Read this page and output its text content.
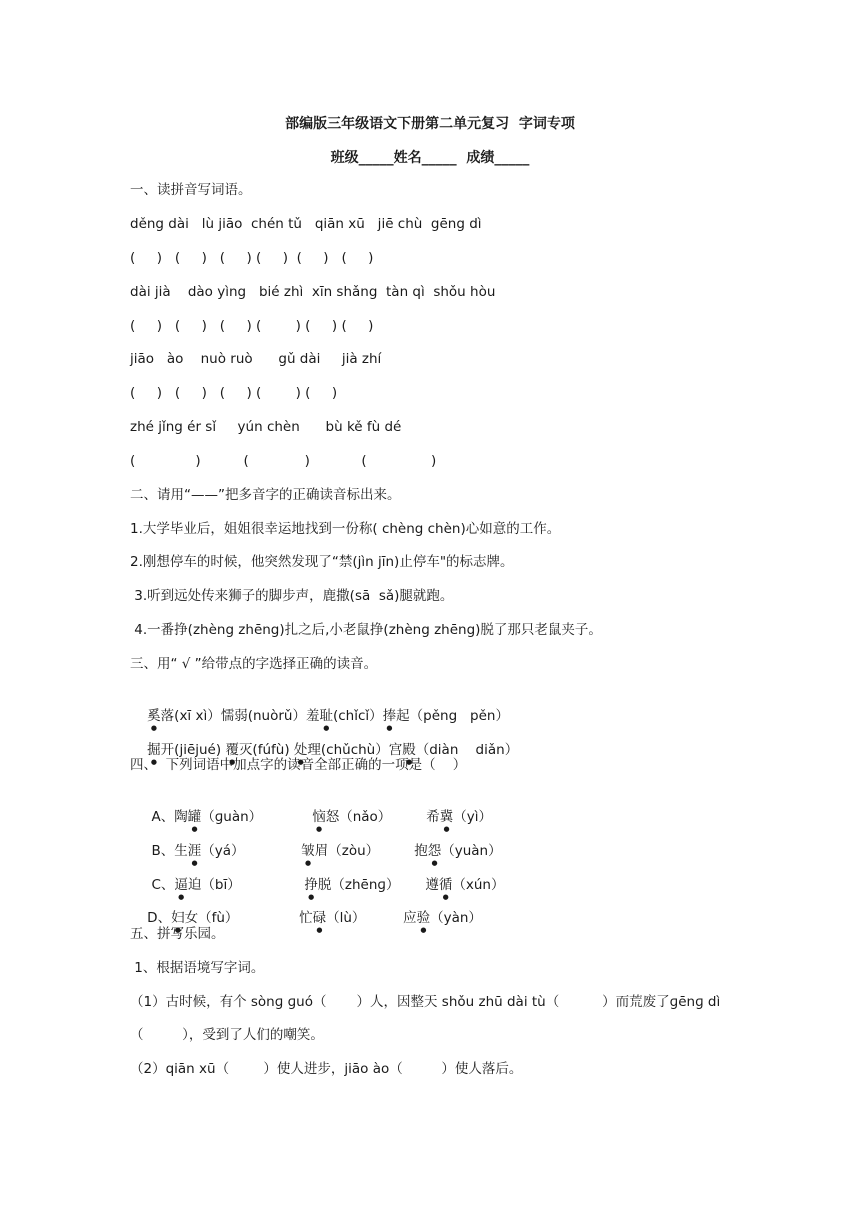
部编版三年级语文下册第二单元复习  字词专项
班级_____姓名_____  成绩_____
一、读拼音写词语。
děng dài   lù jiāo  chén tǔ   qiān xū   jiē chù  gēng dì
(     )   (     )   (     ) (     )  (     )   (     )
dài jià    dào yìng   bié zhì  xīn shǎng  tàn qì  shǒu hòu
(     )   (     )   (     ) (        ) (     ) (     )
jiāo   ào    nuò ruò      gǔ dài     jià zhí
(     )   (     )   (     ) (        ) (     )
zhé jǐng ér sǐ     yún chèn      bù kě fù dé
(              )          (             )            (               )
二、请用“——”把多音字的正确读音标出来。
1.大学毕业后，姐姐很幸运地找到一份称( chèng chèn)心如意的工作。
2.刚想停车的时候，他突然发现了“禁(jìn jīn)止停车"的标志牌。
3.听到远处传来狮子的脚步声，鹿撒(sā  sǎ)腿就跑。
4.一番挣(zhèng zhēng)扎之后,小老鼠挣(zhèng zhēng)脱了那只老鼠夹子。
三、用“ √ ”给带点的字选择正确的读音。

奚落(xī xì）懦弱(nuòrǔ）羞耻(chǐcǐ）捧起（pěng   pěn）

掘开(jiējué) 覆灭(fúfù) 处理(chǔchù）宫殿（diàn    diǎn）

四、  下列词语中加点字的读音全部正确的一项是（    ）

A、陶罐（ɡuàn）	恼怒（nǎo）	希冀（yì）

B、生涯（yá）	皱眉（zòu）	抱怨（yuàn）

C、逼迫（bī）	挣脱（zhēnɡ） 遵循（xún）

D、妇女（fù）	忙碌（lù）	应验（yàn）

五、拼写乐园。
1、根据语境写字词。
（1）古时候，有个 sònɡ ɡuó（       ）人，因整天 shǒu zhū dài tù（          ）而荒废了ɡēnɡ dì
（         ），受到了人们的嘲笑。
（2）qiān xū（        ）使人进步，jiāo ào（         ）使人落后。
